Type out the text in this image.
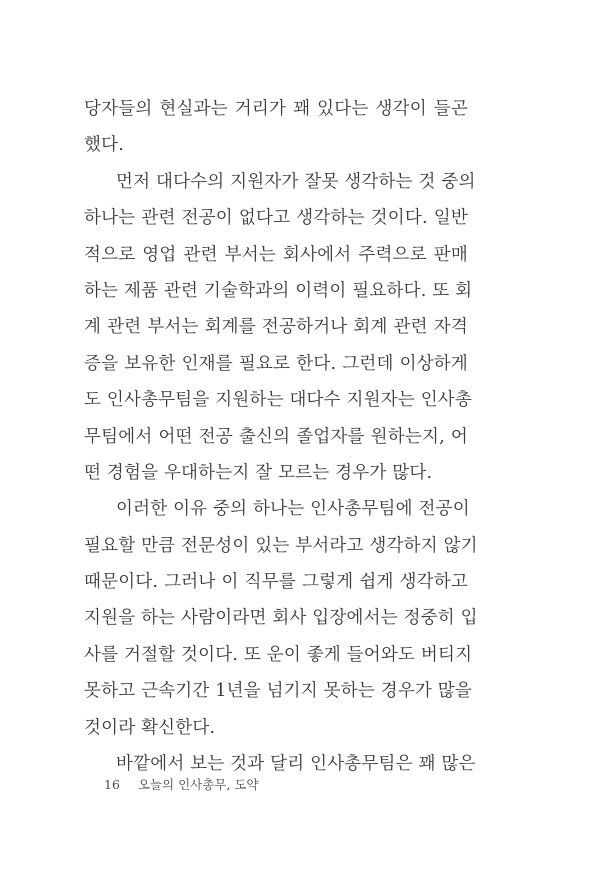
당자들의 현실과는 거리가 꽤 있다는 생각이 들곤
했다.
먼저 대다수의 지원자가 잘못 생각하는 것 중의
하나는 관련 전공이 없다고 생각하는 것이다. 일반
적으로 영업 관련 부서는 회사에서 주력으로 판매
하는 제품 관련 기술학과의 이력이 필요하다. 또 회
계 관련 부서는 회계를 전공하거나 회계 관련 자격
증을 보유한 인재를 필요로 한다. 그런데 이상하게
도 인사총무팀을 지원하는 대다수 지원자는 인사총
무팀에서 어떤 전공 출신의 졸업자를 원하는지, 어
떤 경험을 우대하는지 잘 모르는 경우가 많다.
이러한 이유 중의 하나는 인사총무팀에 전공이
필요할 만큼 전문성이 있는 부서라고 생각하지 않기
때문이다. 그러나 이 직무를 그렇게 쉽게 생각하고
지원을 하는 사람이라면 회사 입장에서는 정중히 입
사를 거절할 것이다. 또 운이 좋게 들어와도 버티지
못하고 근속기간 1년을 넘기지 못하는 경우가 많을
것이라 확신한다.
바깥에서 보는 것과 달리 인사총무팀은 꽤 많은
16 오늘의 인사총무, 도약
